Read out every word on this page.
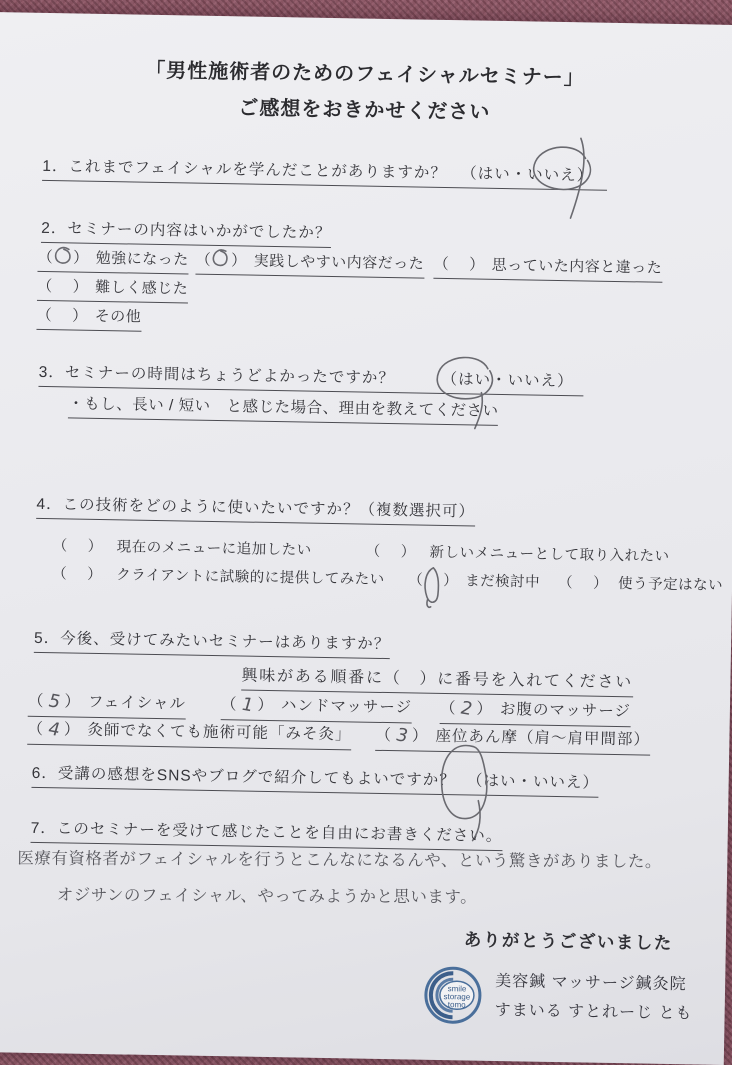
「男性施術者のためのフェイシャルセミナー」
ご感想をおきかせください
1．これまでフェイシャルを学んだことがありますか？ （はい・いいえ）
2．セミナーの内容はいかがでしたか？
（ ） 勉強になった （ ） 実践しやすい内容だった （ ） 思っていた内容と違った
（ ） 難しく感じた
（ ） その他
3．セミナーの時間はちょうどよかったですか？	（はい・いいえ）
・もし、長い / 短い　と感じた場合、理由を教えてください
4．この技術をどのように使いたいですか？（複数選択可）
（ ） 現在のメニューに追加したい	（ ） 新しいメニューとして取り入れたい
（ ） クライアントに試験的に提供してみたい （ ） まだ検討中 （ ） 使う予定はない
5．今後、受けてみたいセミナーはありますか？
興味がある順番に（　）に番号を入れてください
（5） フェイシャル （1） ハンドマッサージ （2） お腹のマッサージ
（4） 灸師でなくても施術可能「みそ灸」 （3） 座位あん摩（肩〜肩甲間部）
6．受講の感想をSNSやブログで紹介してもよいですか？ （はい・いいえ）
7．このセミナーを受けて感じたことを自由にお書きください。
医療有資格者がフェイシャルを行うとこんなになるんや、という驚きがありました。
オジサンのフェイシャル、やってみようかと思います。
ありがとうございました
smile
storage
tomo
美容鍼 マッサージ鍼灸院
すまいる すとれーじ とも
